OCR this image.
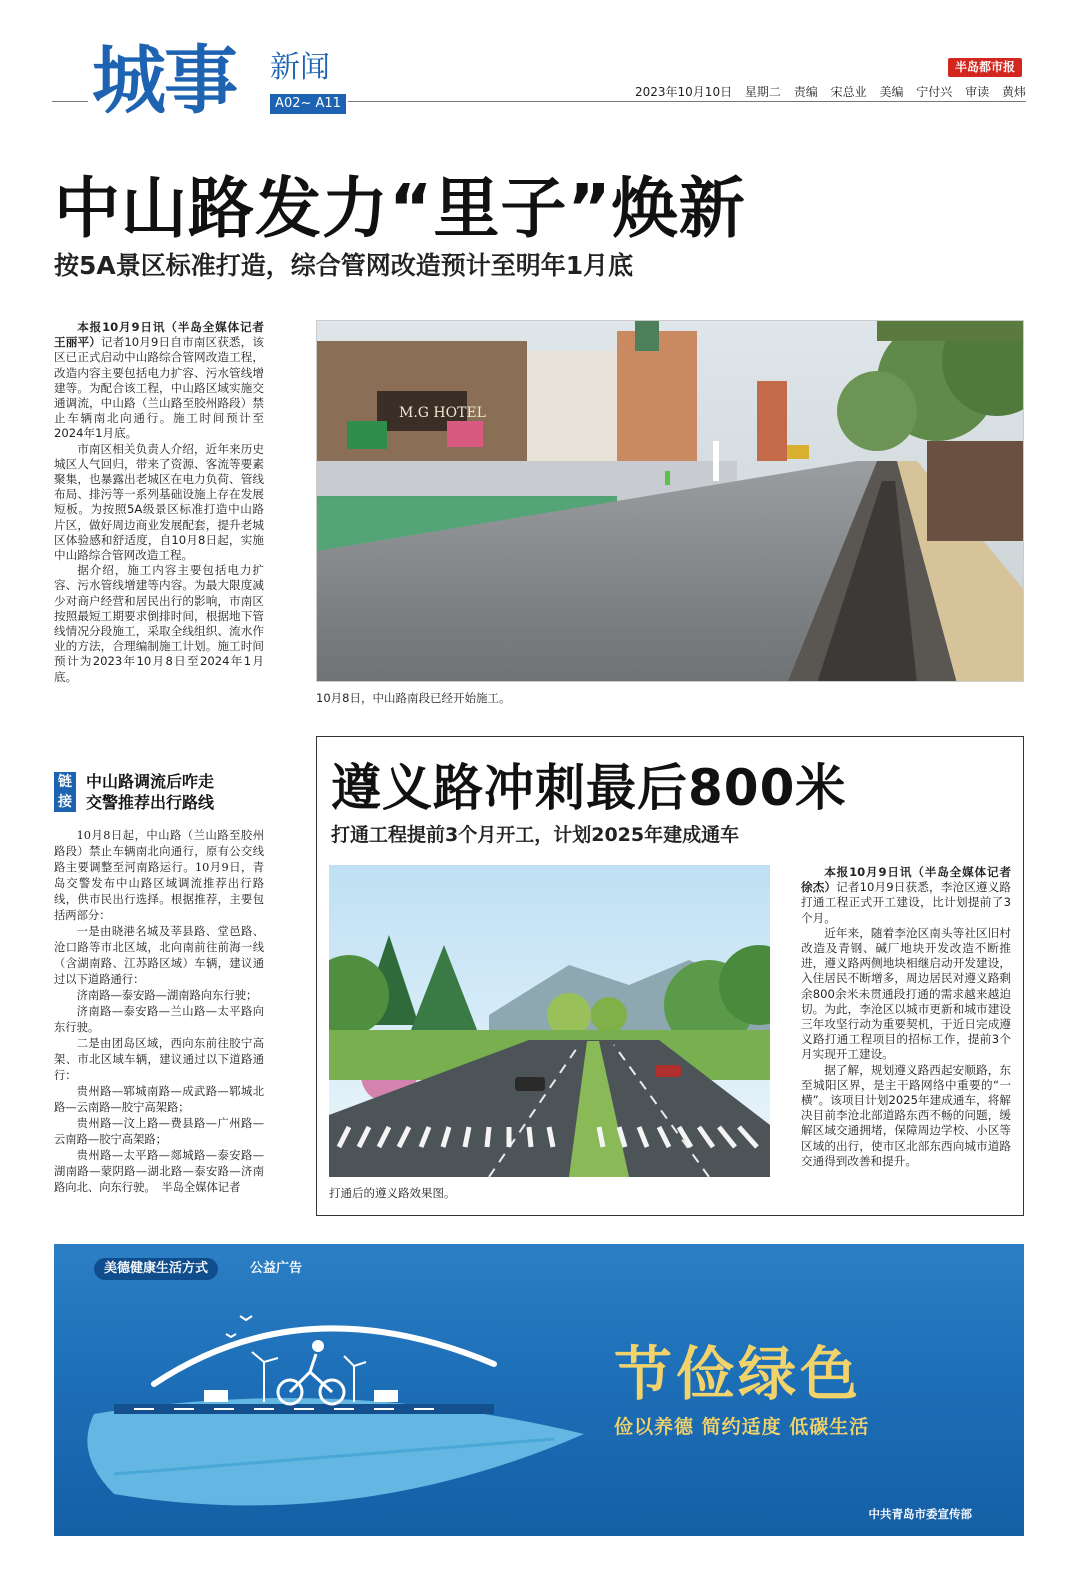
城事 新闻
A02~ A11
半岛都市报
2023年10月10日 星期二 责编 宋总业 美编 宁付兴 审读 黄炜
中山路发力“里子”焕新
按5A景区标准打造，综合管网改造预计至明年1月底

本报10月9日讯（半岛全媒体记者　王丽平）记者10月9日自市南区获悉，该区已正式启动中山路综合管网改造工程，改造内容主要包括电力扩容、污水管线增建等。为配合该工程，中山路区域实施交通调流，中山路（兰山路至胶州路段）禁止车辆南北向通行。施工时间预计至2024年1月底。

市南区相关负责人介绍，近年来历史城区人气回归，带来了资源、客流等要素聚集，也暴露出老城区在电力负荷、管线布局、排污等一系列基础设施上存在发展短板。为按照5A级景区标准打造中山路片区，做好周边商业发展配套，提升老城区体验感和舒适度，自10月8日起，实施中山路综合管网改造工程。

据介绍，施工内容主要包括电力扩容、污水管线增建等内容。为最大限度减少对商户经营和居民出行的影响，市南区按照最短工期要求倒排时间，根据地下管线情况分段施工，采取全线组织、流水作业的方法，合理编制施工计划。施工时间预计为2023年10月8日至2024年1月底。

M.G HOTEL
10月8日，中山路南段已经开始施工。
链接
中山路调流后咋走
交警推荐出行路线

10月8日起，中山路（兰山路至胶州路段）禁止车辆南北向通行，原有公交线路主要调整至河南路运行。10月9日，青岛交警发布中山路区域调流推荐出行路线，供市民出行选择。根据推荐，主要包括两部分：

一是由晓港名城及莘县路、堂邑路、沧口路等市北区域，北向南前往前海一线（含湖南路、江苏路区域）车辆，建议通过以下道路通行：

济南路—泰安路—湖南路向东行驶；

济南路—泰安路—兰山路—太平路向东行驶。

二是由团岛区域，西向东前往胶宁高架、市北区域车辆，建议通过以下道路通行：

贵州路—郓城南路—成武路—郓城北路—云南路—胶宁高架路；

贵州路—汶上路—费县路—广州路—云南路—胶宁高架路；

贵州路—太平路—郯城路—泰安路—湖南路—蒙阴路—湖北路—泰安路—济南路向北、向东行驶。　半岛全媒体记者

遵义路冲刺最后800米
打通工程提前3个月开工，计划2025年建成通车
打通后的遵义路效果图。

本报10月9日讯（半岛全媒体记者　徐杰）记者10月9日获悉，李沧区遵义路打通工程正式开工建设，比计划提前了3个月。

近年来，随着李沧区南头等社区旧村改造及青钢、碱厂地块开发改造不断推进，遵义路两侧地块相继启动开发建设，入住居民不断增多，周边居民对遵义路剩余800余米未贯通段打通的需求越来越迫切。为此，李沧区以城市更新和城市建设三年攻坚行动为重要契机，于近日完成遵义路打通工程项目的招标工作，提前3个月实现开工建设。

据了解，规划遵义路西起安顺路，东至城阳区界，是主干路网络中重要的“一横”。该项目计划2025年建成通车，将解决目前李沧北部道路东西不畅的问题，缓解区域交通拥堵，保障周边学校、小区等区域的出行，使市区北部东西向城市道路交通得到改善和提升。

美德健康生活方式	公益广告
节俭绿色
俭以养德 简约适度 低碳生活
中共青岛市委宣传部
